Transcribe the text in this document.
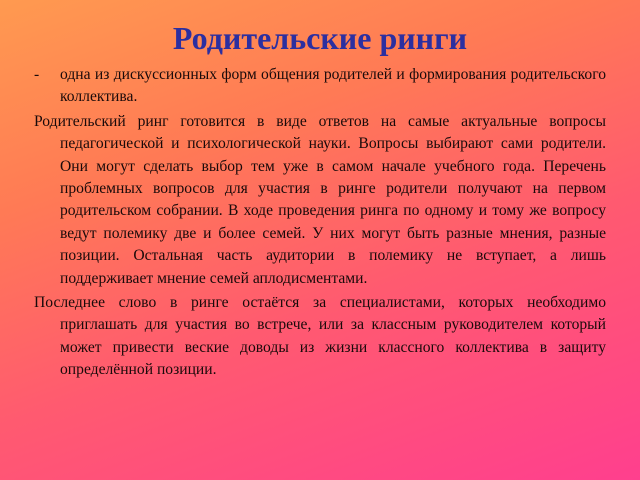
Родительские ринги

- одна из дискуссионных форм общения родителей и формирования родительского коллектива.

Родительский ринг готовится в виде ответов на самые актуальные вопросы педагогической и психологической науки. Вопросы выбирают сами родители. Они могут сделать выбор тем уже в самом начале учебного года. Перечень проблемных вопросов для участия в ринге родители получают на первом родительском собрании. В ходе проведения ринга по одному и тому же вопросу ведут полемику две и более семей. У них могут быть разные мнения, разные позиции. Остальная часть аудитории в полемику не вступает, а лишь поддерживает мнение семей аплодисментами.

Последнее слово в ринге остаётся за специалистами, которых необходимо приглашать для участия во встрече, или за классным руководителем который может привести веские доводы из жизни классного коллектива в защиту определённой позиции.
